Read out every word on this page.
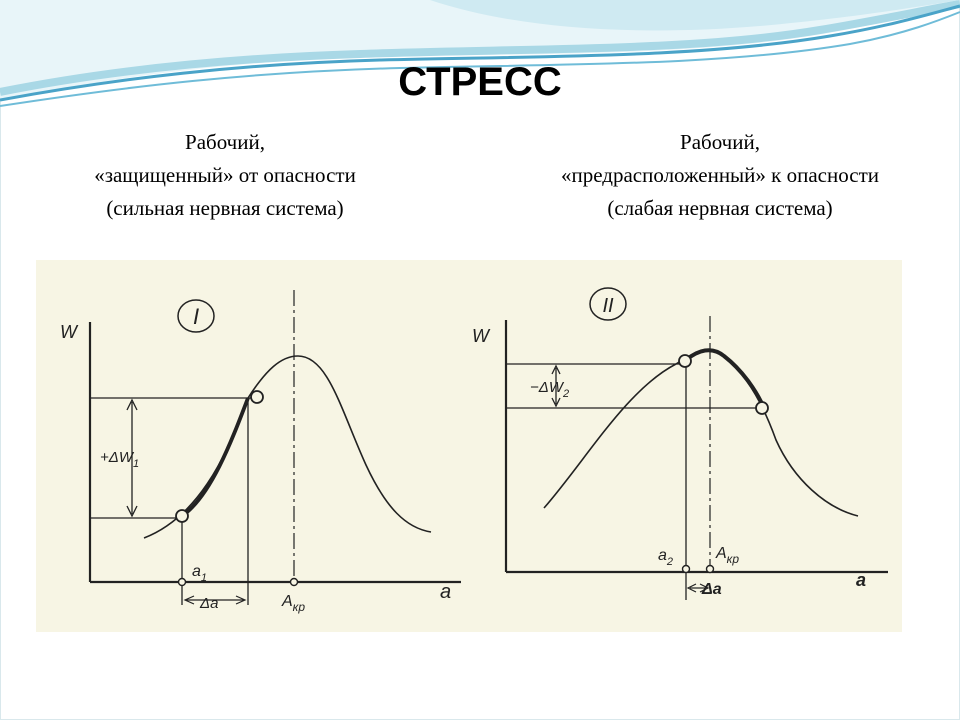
СТРЕСС
Рабочий,
«защищенный» от опасности
(сильная нервная система)
Рабочий,
«предрасположенный» к опасности
(слабая нервная система)
I
W
a
$+\Delta W_1$
Δa
$a_1$
$A_{кр}$
II
W
a
$-\Delta W_2$
Δa
$a_2$	$A_{кр}$
